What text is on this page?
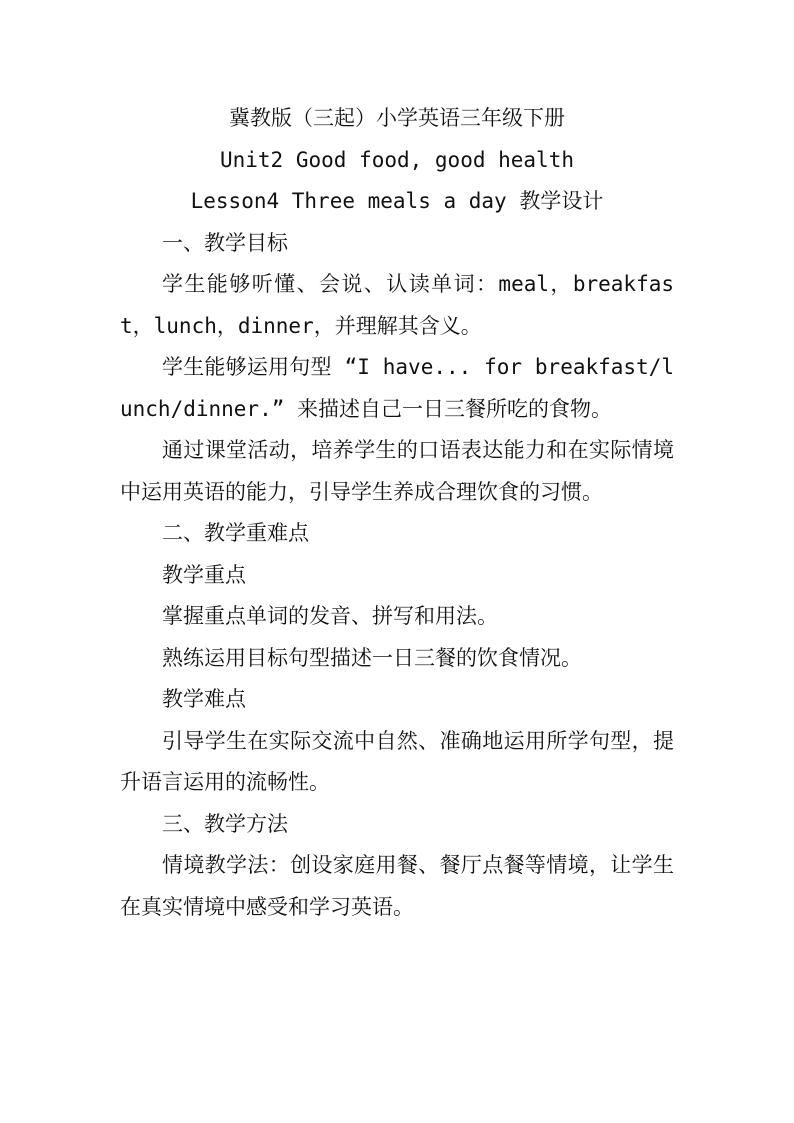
冀教版（三起）小学英语三年级下册

Unit2 Good food, good health

Lesson4 Three meals a day 教学设计

一、教学目标

学生能够听懂、会说、认读单词：meal，breakfast，lunch，dinner，并理解其含义。

学生能够运用句型 “I have... for breakfast/lunch/dinner.” 来描述自己一日三餐所吃的食物。

通过课堂活动，培养学生的口语表达能力和在实际情境中运用英语的能力，引导学生养成合理饮食的习惯。

二、教学重难点

教学重点

掌握重点单词的发音、拼写和用法。

熟练运用目标句型描述一日三餐的饮食情况。

教学难点

引导学生在实际交流中自然、准确地运用所学句型，提升语言运用的流畅性。

三、教学方法

情境教学法：创设家庭用餐、餐厅点餐等情境，让学生在真实情境中感受和学习英语。
